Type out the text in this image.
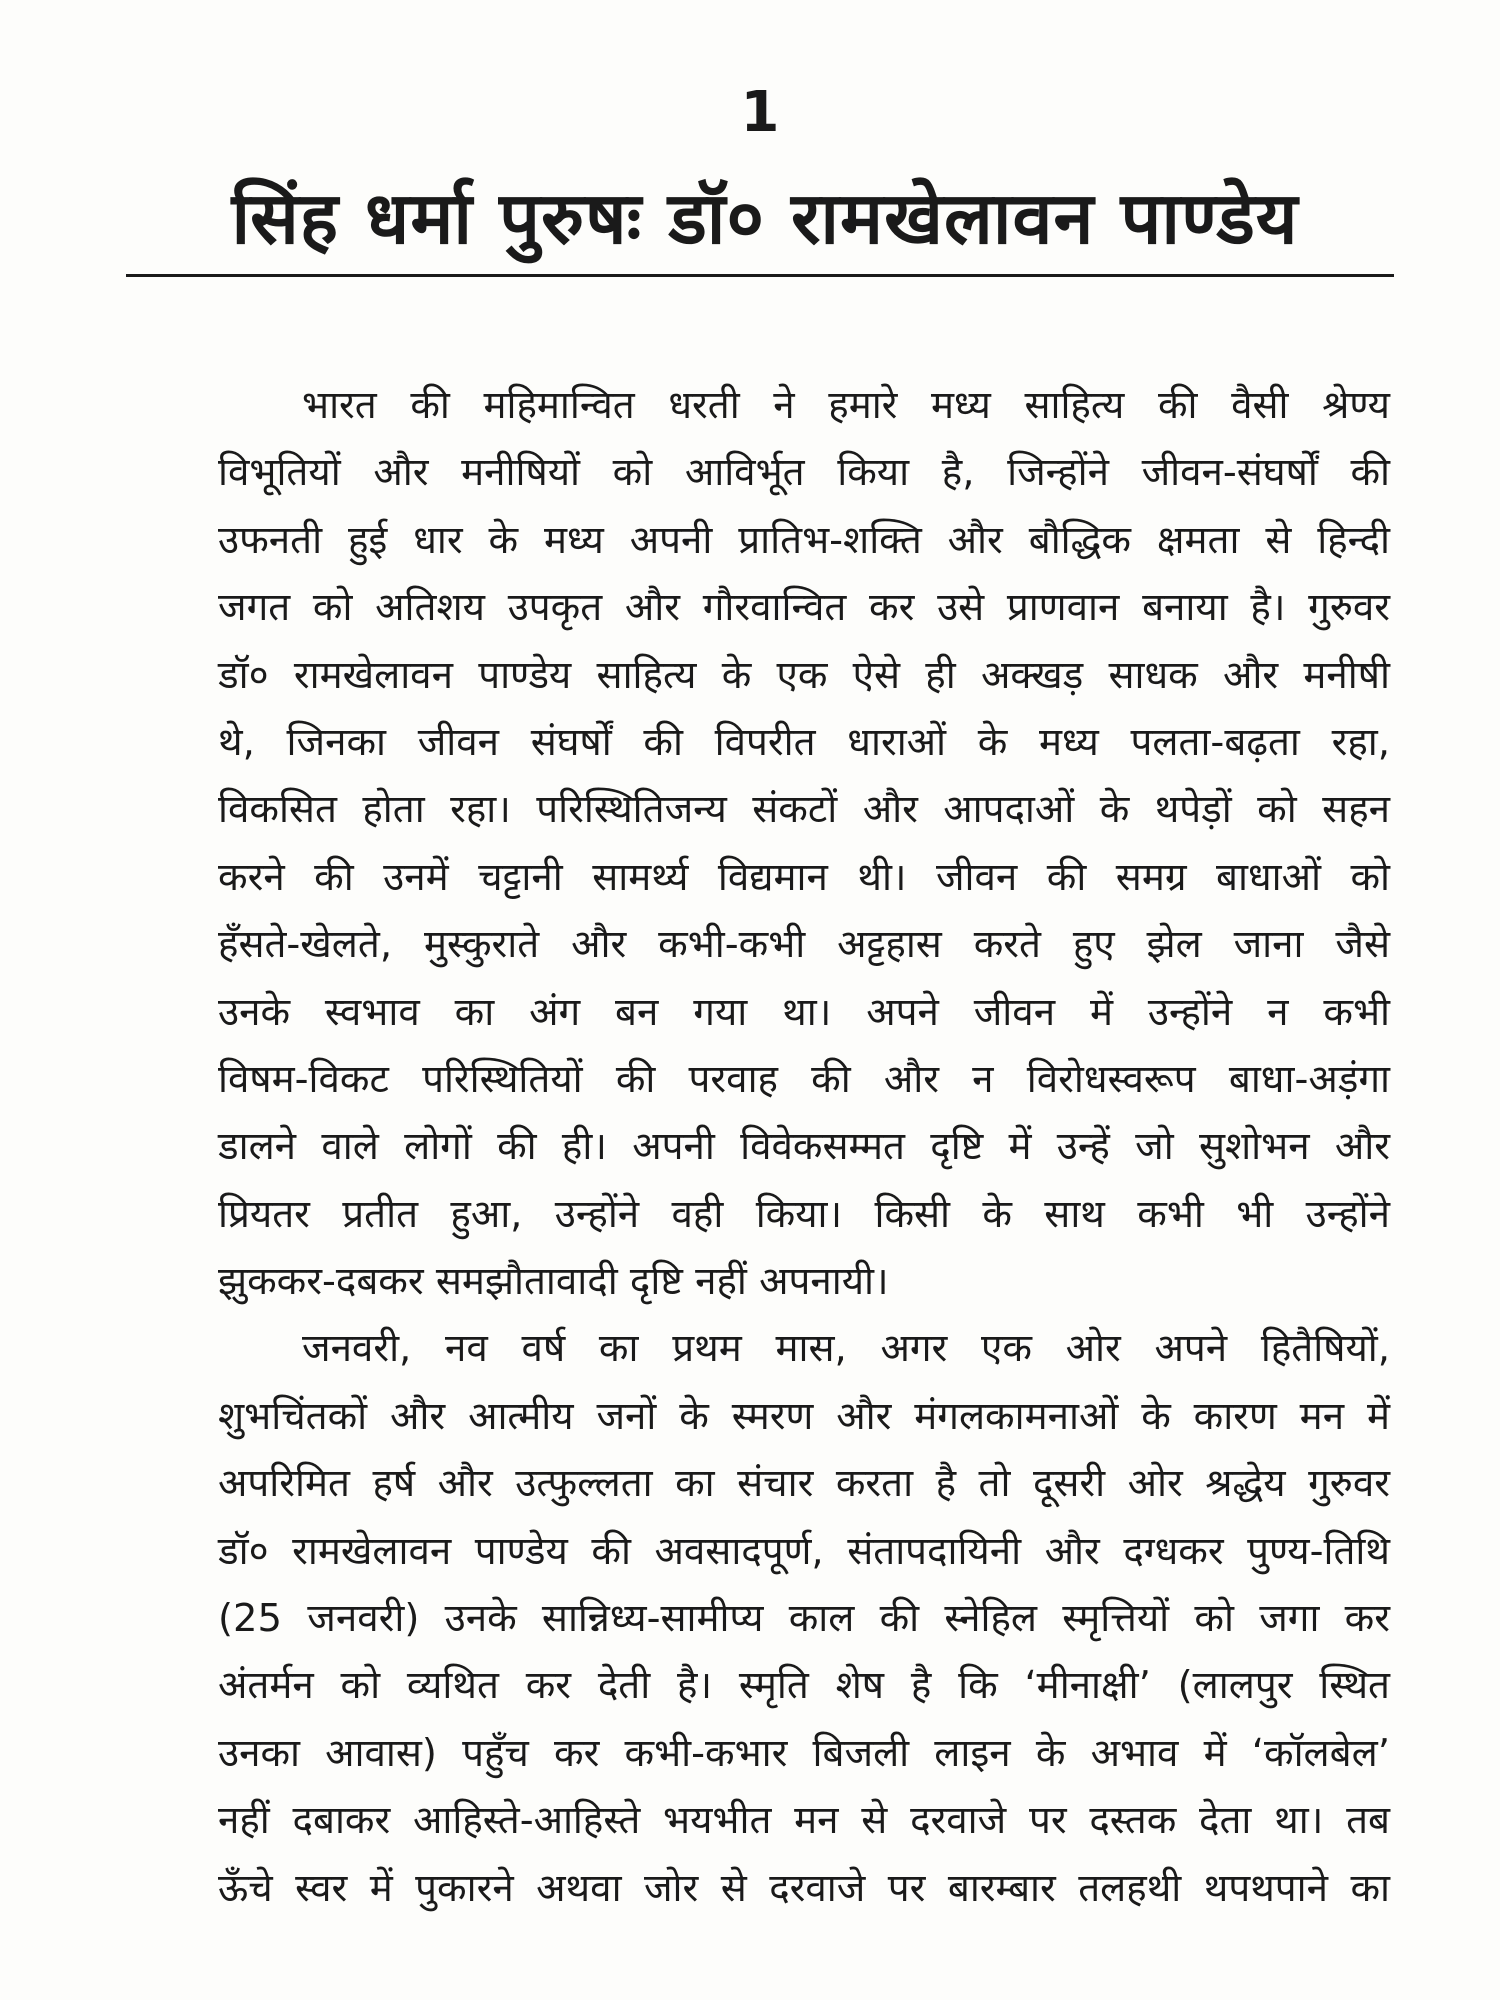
1
सिंह धर्मा पुरुषः डॉ० रामखेलावन पाण्डेय
भारत की महिमान्वित धरती ने हमारे मध्य साहित्य की वैसी श्रेण्य
विभूतियों और मनीषियों को आविर्भूत किया है, जिन्होंने जीवन-संघर्षों की
उफनती हुई धार के मध्य अपनी प्रातिभ-शक्ति और बौद्धिक क्षमता से हिन्दी
जगत को अतिशय उपकृत और गौरवान्वित कर उसे प्राणवान बनाया है। गुरुवर
डॉ० रामखेलावन पाण्डेय साहित्य के एक ऐसे ही अक्खड़ साधक और मनीषी
थे, जिनका जीवन संघर्षों की विपरीत धाराओं के मध्य पलता-बढ़ता रहा,
विकसित होता रहा। परिस्थितिजन्य संकटों और आपदाओं के थपेड़ों को सहन
करने की उनमें चट्टानी सामर्थ्य विद्यमान थी। जीवन की समग्र बाधाओं को
हँसते-खेलते, मुस्कुराते और कभी-कभी अट्टहास करते हुए झेल जाना जैसे
उनके स्वभाव का अंग बन गया था। अपने जीवन में उन्होंने न कभी
विषम-विकट परिस्थितियों की परवाह की और न विरोधस्वरूप बाधा-अड़ंगा
डालने वाले लोगों की ही। अपनी विवेकसम्मत दृष्टि में उन्हें जो सुशोभन और
प्रियतर प्रतीत हुआ, उन्होंने वही किया। किसी के साथ कभी भी उन्होंने
झुककर-दबकर समझौतावादी दृष्टि नहीं अपनायी।
जनवरी, नव वर्ष का प्रथम मास, अगर एक ओर अपने हितैषियों,
शुभचिंतकों और आत्मीय जनों के स्मरण और मंगलकामनाओं के कारण मन में
अपरिमित हर्ष और उत्फुल्लता का संचार करता है तो दूसरी ओर श्रद्धेय गुरुवर
डॉ० रामखेलावन पाण्डेय की अवसादपूर्ण, संतापदायिनी और दग्धकर पुण्य-तिथि
(25 जनवरी) उनके सान्निध्य-सामीप्य काल की स्नेहिल स्मृत्तियों को जगा कर
अंतर्मन को व्यथित कर देती है। स्मृति शेष है कि ‘मीनाक्षी’ (लालपुर स्थित
उनका आवास) पहुँच कर कभी-कभार बिजली लाइन के अभाव में ‘कॉलबेल’
नहीं दबाकर आहिस्ते-आहिस्ते भयभीत मन से दरवाजे पर दस्तक देता था। तब
ऊँचे स्वर में पुकारने अथवा जोर से दरवाजे पर बारम्बार तलहथी थपथपाने का
